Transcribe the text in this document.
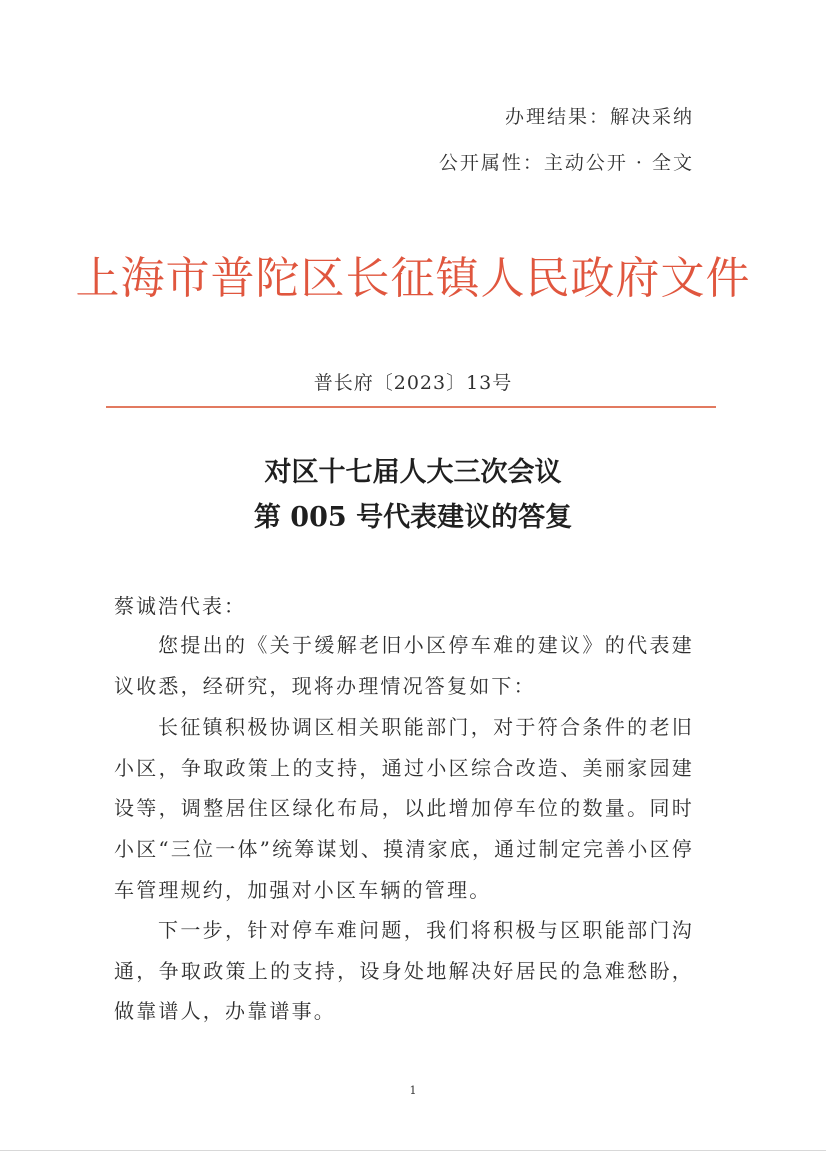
办理结果：解决采纳
公开属性：主动公开 · 全文
上海市普陀区长征镇人民政府文件
普长府〔2023〕13号
对区十七届人大三次会议
第 005 号代表建议的答复
蔡诚浩代表：

您提出的《关于缓解老旧小区停车难的建议》的代表建议收悉，经研究，现将办理情况答复如下：

长征镇积极协调区相关职能部门，对于符合条件的老旧小区，争取政策上的支持，通过小区综合改造、美丽家园建设等，调整居住区绿化布局，以此增加停车位的数量。同时小区“三位一体”统筹谋划、摸清家底，通过制定完善小区停车管理规约，加强对小区车辆的管理。

下一步，针对停车难问题，我们将积极与区职能部门沟通，争取政策上的支持，设身处地解决好居民的急难愁盼，做靠谱人，办靠谱事。

1
